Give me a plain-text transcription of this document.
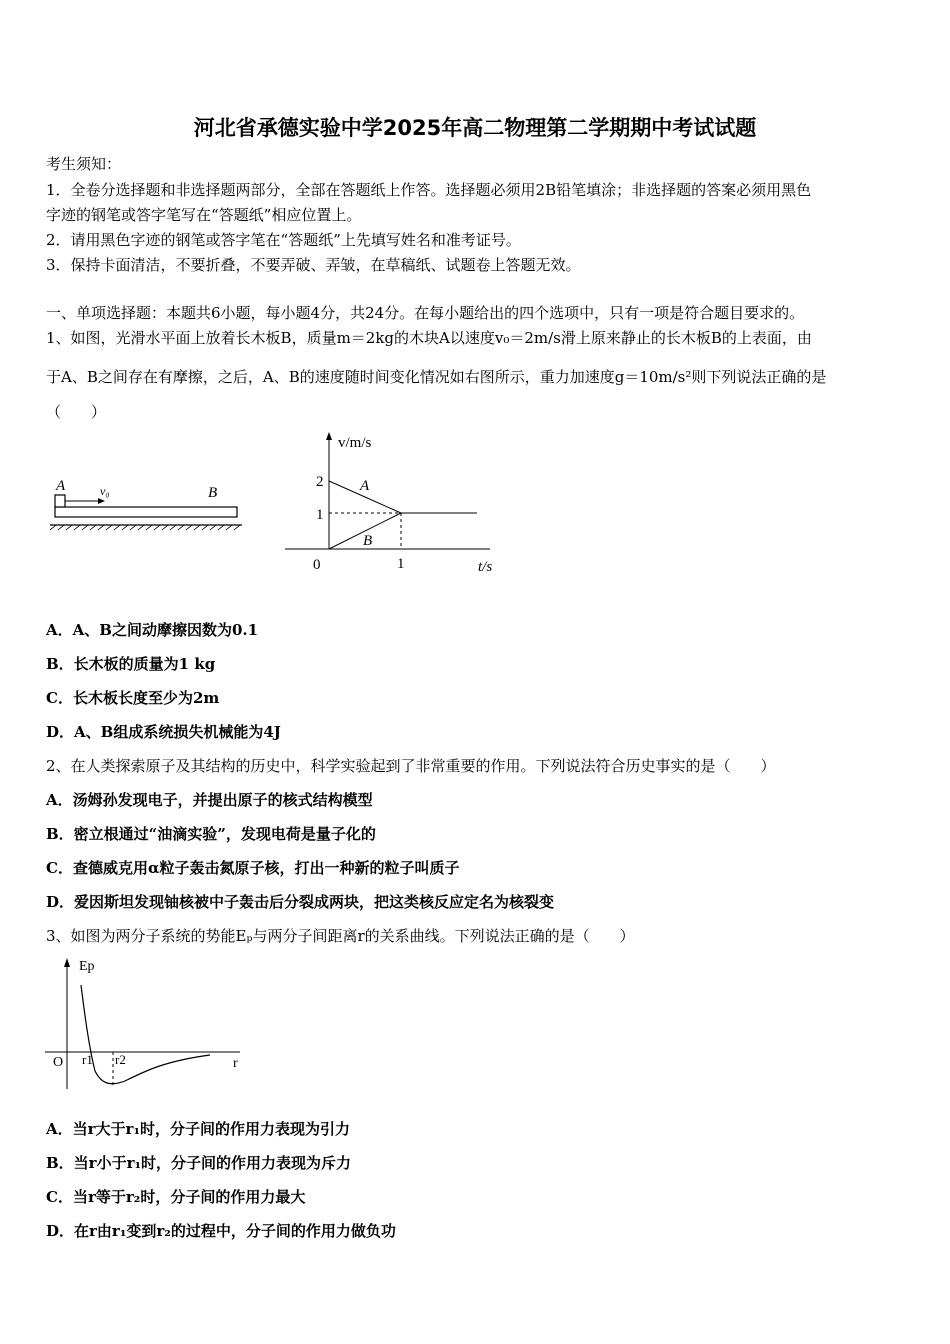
河北省承德实验中学2025年高二物理第二学期期中考试试题
考生须知：
1．全卷分选择题和非选择题两部分，全部在答题纸上作答。选择题必须用2B铅笔填涂；非选择题的答案必须用黑色
字迹的钢笔或答字笔写在“答题纸”相应位置上。
2．请用黑色字迹的钢笔或答字笔在“答题纸”上先填写姓名和准考证号。
3．保持卡面清洁，不要折叠，不要弄破、弄皱，在草稿纸、试题卷上答题无效。
一、单项选择题：本题共6小题，每小题4分，共24分。在每小题给出的四个选项中，只有一项是符合题目要求的。
1、如图，光滑水平面上放着长木板B，质量m＝2kg的木块A以速度v₀＝2m/s滑上原来静止的长木板B的上表面，由
于A、B之间存在有摩擦，之后，A、B的速度随时间变化情况如右图所示，重力加速度g＝10m/s²则下列说法正确的是
（　　）
A	v₀	B
v/m/s
2
1
0	1	t/s
A
B
A．A、B之间动摩擦因数为0.1
B．长木板的质量为1 kg
C．长木板长度至少为2m
D．A、B组成系统损失机械能为4J
2、在人类探索原子及其结构的历史中，科学实验起到了非常重要的作用。下列说法符合历史事实的是（　　）
A．汤姆孙发现电子，并提出原子的核式结构模型
B．密立根通过“油滴实验”，发现电荷是量子化的
C．查德威克用α粒子轰击氮原子核，打出一种新的粒子叫质子
D．爱因斯坦发现铀核被中子轰击后分裂成两块，把这类核反应定名为核裂变
3、如图为两分子系统的势能Eₚ与两分子间距离r的关系曲线。下列说法正确的是（　　）
Ep
O r1 r2	r
A．当r大于r₁时，分子间的作用力表现为引力
B．当r小于r₁时，分子间的作用力表现为斥力
C．当r等于r₂时，分子间的作用力最大
D．在r由r₁变到r₂的过程中，分子间的作用力做负功
